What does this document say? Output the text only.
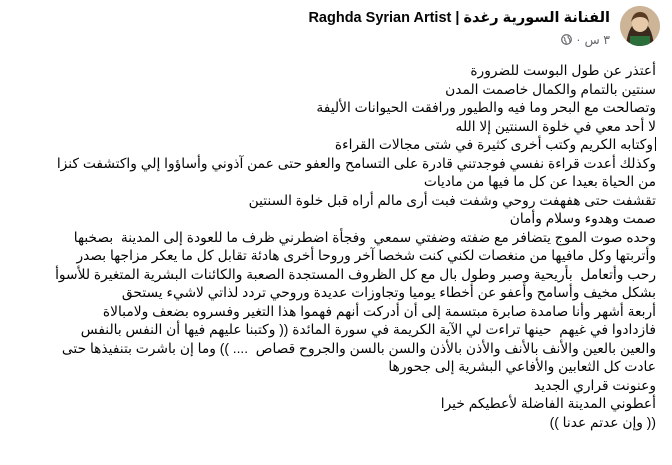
Raghda Syrian Artist | الفنانة السورية رغدة
٣ س
·

أعتذر عن طول البوست للضرورة

سنتين بالتمام والكمال خاصمت المدن

وتصالحت مع البحر وما فيه والطيور ورافقت الحيوانات الأليفة

لا أحد معي في خلوة السنتين إلا الله

وكتابه الكريم وكتب أخرى كثيرة في شتى مجالات القراءة

وكذلك أعدت قراءة نفسي فوجدتني قادرة على التسامح والعفو حتى عمن آذوني وأساؤوا إلي واكتشفت كنزا

من الحياة بعيدا عن كل ما فيها من ماديات

تقشفت حتى هفهفت روحي وشفت فبت أرى مالم أراه قبل خلوة السنتين

صمت وهدوء وسلام وأمان

وحده صوت الموج يتضافر مع ضفته وضفتي سمعي  وفجأة اضطرني ظرف ما للعودة إلى المدينة  بصخبها

وأتربتها وكل مافيها من منغصات لكني كنت شخصا آخر وروحا أخرى هادئة تقابل كل ما يعكر مزاجها بصدر

رحب وأتعامل  بأريحية وصبر وطول بال مع كل الظروف المستجدة الصعبة والكائنات البشرية المتغيرة للأسوأ

بشكل مخيف وأسامح وأعفو عن أخطاء يوميا وتجاوزات عديدة وروحي تردد لذاتي لاشيء يستحق

أربعة أشهر وأنا صامدة صابرة مبتسمة إلى أن أدركت أنهم فهموا هذا التغير وفسروه بضعف ولامبالاة

فازدادوا في غيهم  حينها تراءت لي الآية الكريمة في سورة المائدة (( وكتبنا عليهم فيها أن النفس بالنفس

والعين بالعين والأنف بالأنف والأذن بالأذن والسن بالسن والجروح قصاص  .... )) وما إن باشرت بتنفيذها حتى

عادت كل الثعابين والأفاعي البشرية إلى جحورها

وعنونت قراري الجديد

أعطوني المدينة الفاضلة لأعطيكم خيرا

(( وإن عدتم عدنا ))
